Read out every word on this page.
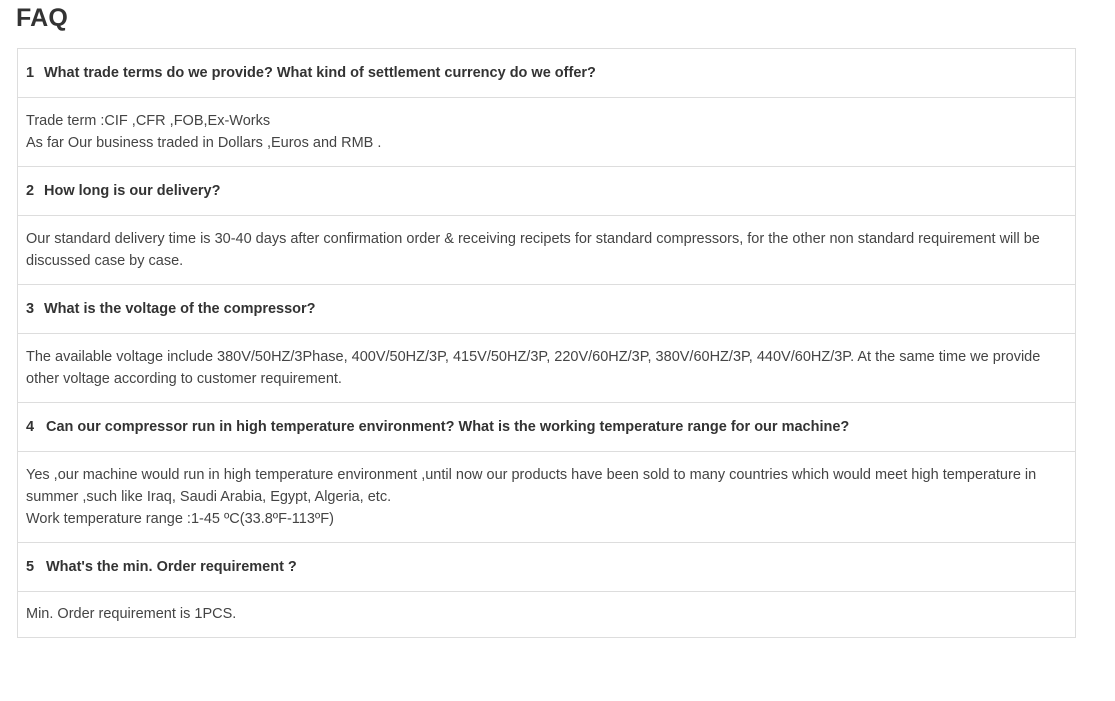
FAQ
1 What trade terms do we provide? What kind of settlement currency do we offer?
Trade term :CIF ,CFR ,FOB,Ex-Works
As far Our business traded in Dollars ,Euros and RMB .
2 How long is our delivery?
Our standard delivery time is 30-40 days after confirmation order & receiving recipets for standard compressors, for the other non standard requirement will be discussed case by case.
3 What is the voltage of the compressor?
The available voltage include 380V/50HZ/3Phase, 400V/50HZ/3P, 415V/50HZ/3P, 220V/60HZ/3P, 380V/60HZ/3P, 440V/60HZ/3P. At the same time we provide other voltage according to customer requirement.
4 Can our compressor run in high temperature environment? What is the working temperature range for our machine?
Yes ,our machine would run in high temperature environment ,until now our products have been sold to many countries which would meet high temperature in summer ,such like Iraq, Saudi Arabia, Egypt, Algeria, etc.
Work temperature range :1-45 ºC(33.8ºF-113ºF)
5 What's the min. Order requirement ?
Min. Order requirement is 1PCS.
